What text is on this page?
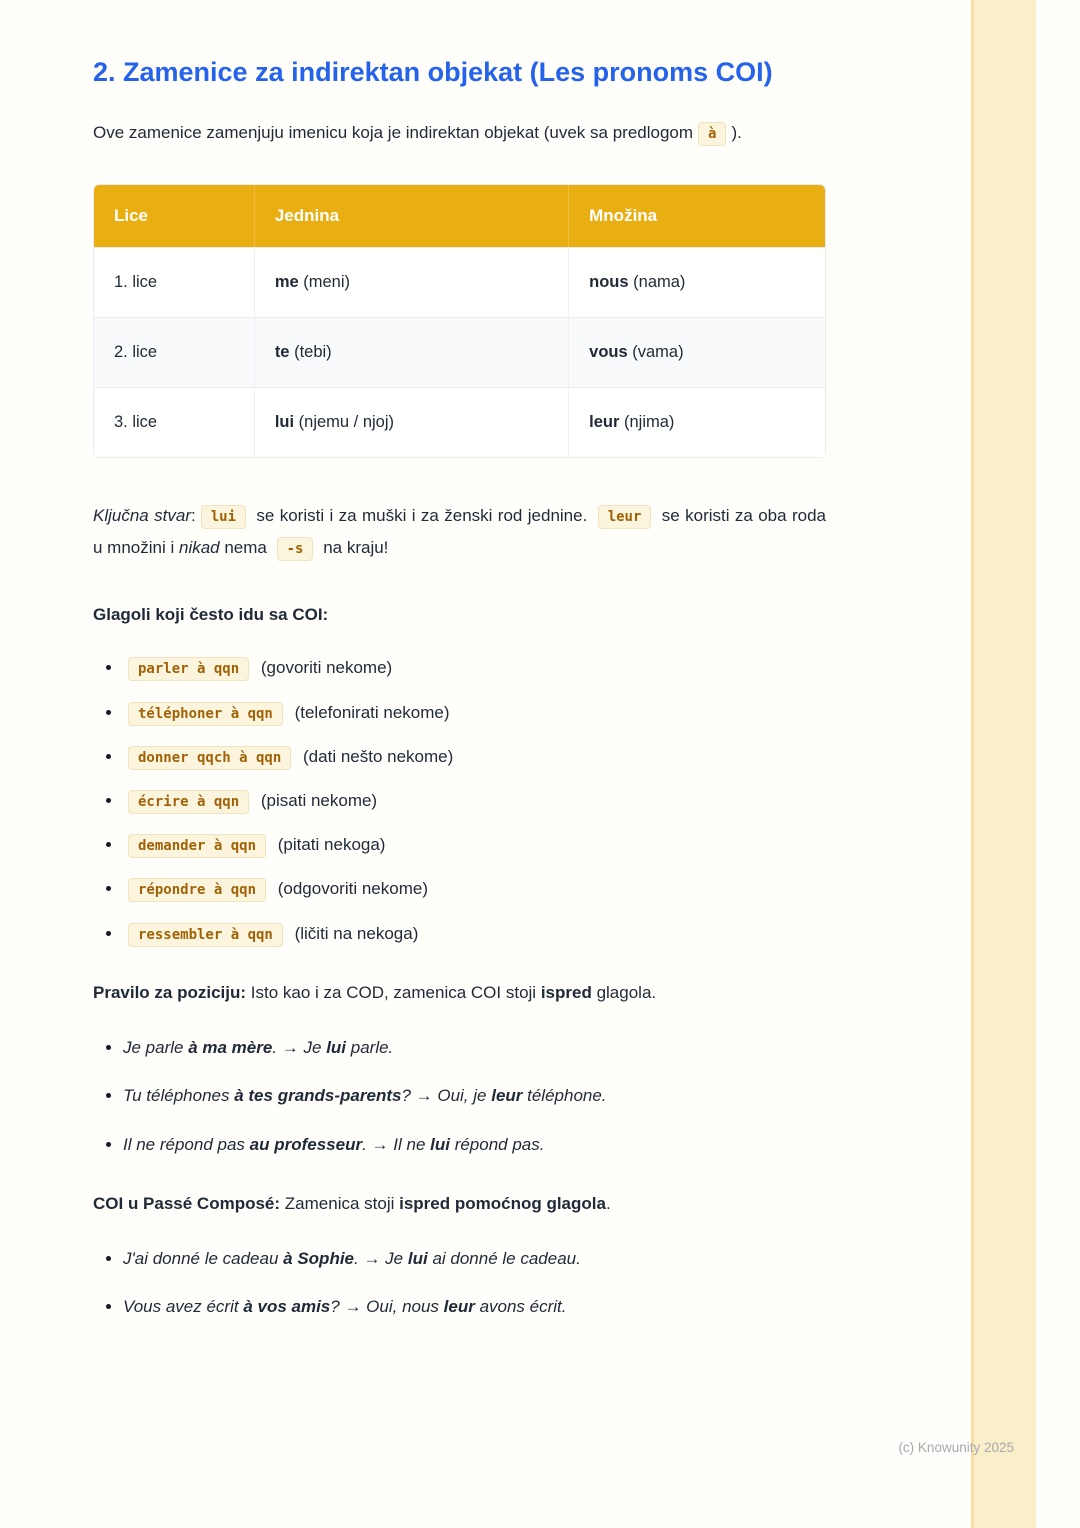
2. Zamenice za indirektan objekat (Les pronoms COI)

Ove zamenice zamenjuju imenicu koja je indirektan objekat (uvek sa predlogom à ).

Lice	Jednina	Množina
1. lice	me (meni)	nous (nama)
2. lice	te (tebi)	vous (vama)
3. lice	lui (njemu / njoj)	leur (njima)

Ključna stvar: lui se koristi i za muški i za ženski rod jednine. leur se koristi za oba roda u množini i nikad nema -s na kraju!

Glagoli koji često idu sa COI:

• parler à qqn (govoriti nekome)
• téléphoner à qqn (telefonirati nekome)
• donner qqch à qqn (dati nešto nekome)
• écrire à qqn (pisati nekome)
• demander à qqn (pitati nekoga)
• répondre à qqn (odgovoriti nekome)
• ressembler à qqn (ličiti na nekoga)

Pravilo za poziciju: Isto kao i za COD, zamenica COI stoji ispred glagola.

• Je parle à ma mère. → Je lui parle.
• Tu téléphones à tes grands-parents? → Oui, je leur téléphone.
• Il ne répond pas au professeur. → Il ne lui répond pas.

COI u Passé Composé: Zamenica stoji ispred pomoćnog glagola.

• J'ai donné le cadeau à Sophie. → Je lui ai donné le cadeau.
• Vous avez écrit à vos amis? → Oui, nous leur avons écrit.
(c) Knowunity 2025
